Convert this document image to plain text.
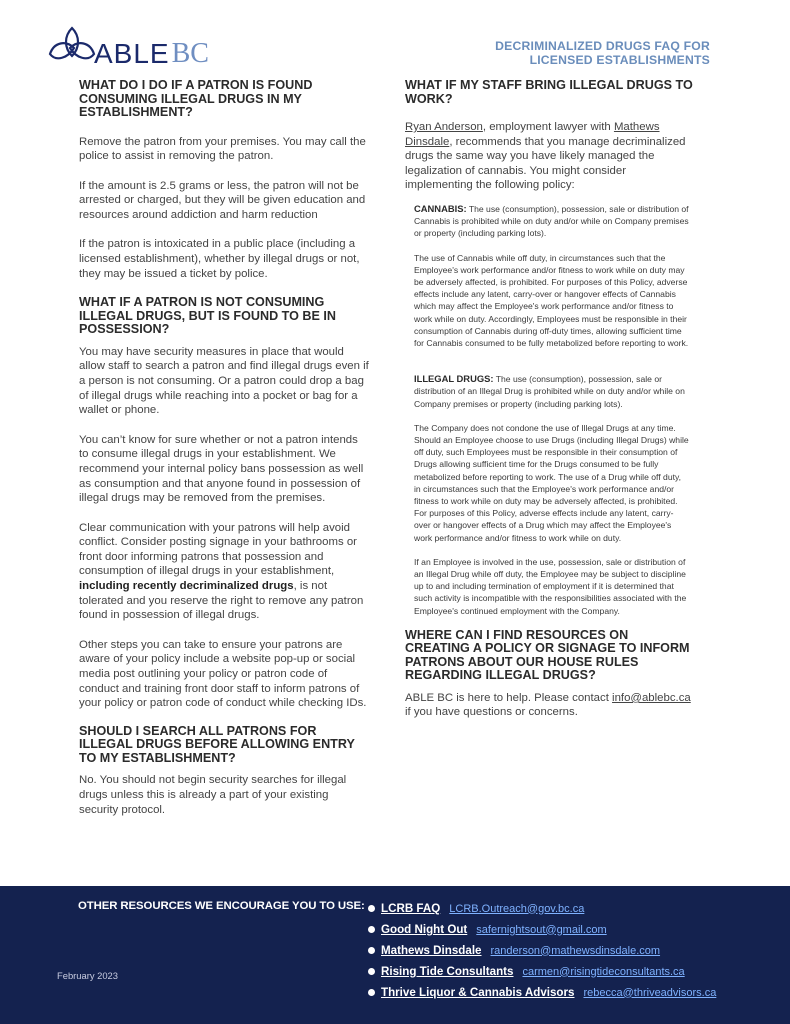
ABLE BC	DECRIMINALIZED DRUGS FAQ FOR
LICENSED ESTABLISHMENTS
WHAT DO I DO IF A PATRON IS FOUND CONSUMING ILLEGAL DRUGS IN MY ESTABLISHMENT?

Remove the patron from your premises. You may call the police to assist in removing the patron.

If the amount is 2.5 grams or less, the patron will not be arrested or charged, but they will be given education and resources around addiction and harm reduction

If the patron is intoxicated in a public place (including a licensed establishment), whether by illegal drugs or not, they may be issued a ticket by police.

WHAT IF A PATRON IS NOT CONSUMING ILLEGAL DRUGS, BUT IS FOUND TO BE IN POSSESSION?

You may have security measures in place that would allow staff to search a patron and find illegal drugs even if a person is not consuming. Or a patron could drop a bag of illegal drugs while reaching into a pocket or bag for a wallet or phone.

You can’t know for sure whether or not a patron intends to consume illegal drugs in your establishment. We recommend your internal policy bans possession as well as consumption and that anyone found in possession of illegal drugs may be removed from the premises.

Clear communication with your patrons will help avoid conflict. Consider posting signage in your bathrooms or front door informing patrons that possession and consumption of illegal drugs in your establishment, including recently decriminalized drugs, is not tolerated and you reserve the right to remove any patron found in possession of illegal drugs.

Other steps you can take to ensure your patrons are aware of your policy include a website pop-up or social media post outlining your policy or patron code of conduct and training front door staff to inform patrons of your policy or patron code of conduct while checking IDs.

SHOULD I SEARCH ALL PATRONS FOR ILLEGAL DRUGS BEFORE ALLOWING ENTRY TO MY ESTABLISHMENT?

No. You should not begin security searches for illegal drugs unless this is already a part of your existing security protocol.

WHAT IF MY STAFF BRING ILLEGAL DRUGS TO WORK?

Ryan Anderson, employment lawyer with Mathews Dinsdale, recommends that you manage decriminalized drugs the same way you have likely managed the legalization of cannabis. You might consider implementing the following policy:

CANNABIS: The use (consumption), possession, sale or distribution of Cannabis is prohibited while on duty and/or while on Company premises or property (including parking lots).

The use of Cannabis while off duty, in circumstances such that the Employee's work performance and/or fitness to work while on duty may be adversely affected, is prohibited. For purposes of this Policy, adverse effects include any latent, carry-over or hangover effects of Cannabis which may affect the Employee's work performance and/or fitness to work while on duty. Accordingly, Employees must be responsible in their consumption of Cannabis during off-duty times, allowing sufficient time for Cannabis consumed to be fully metabolized before reporting to work.

ILLEGAL DRUGS: The use (consumption), possession, sale or distribution of an Illegal Drug is prohibited while on duty and/or while on Company premises or property (including parking lots).

The Company does not condone the use of Illegal Drugs at any time. Should an Employee choose to use Drugs (including Illegal Drugs) while off duty, such Employees must be responsible in their consumption of Drugs allowing sufficient time for the Drugs consumed to be fully metabolized before reporting to work. The use of a Drug while off duty, in circumstances such that the Employee's work performance and/or fitness to work while on duty may be adversely affected, is prohibited. For purposes of this Policy, adverse effects include any latent, carry-over or hangover effects of a Drug which may affect the Employee's work performance and/or fitness to work while on duty.

If an Employee is involved in the use, possession, sale or distribution of an Illegal Drug while off duty, the Employee may be subject to discipline up to and including termination of employment if it is determined that such activity is incompatible with the responsibilities associated with the Employee's continued employment with the Company.

WHERE CAN I FIND RESOURCES ON CREATING A POLICY OR SIGNAGE TO INFORM PATRONS ABOUT OUR HOUSE RULES REGARDING ILLEGAL DRUGS?

ABLE BC is here to help. Please contact info@ablebc.ca if you have questions or concerns.

OTHER RESOURCES WE ENCOURAGE YOU TO USE:
February 2023
LCRB FAQ LCRB.Outreach@gov.bc.ca
Good Night Out safernightsout@gmail.com
Mathews Dinsdale randerson@mathewsdinsdale.com
Rising Tide Consultants carmen@risingtideconsultants.ca
Thrive Liquor & Cannabis Advisors rebecca@thriveadvisors.ca
